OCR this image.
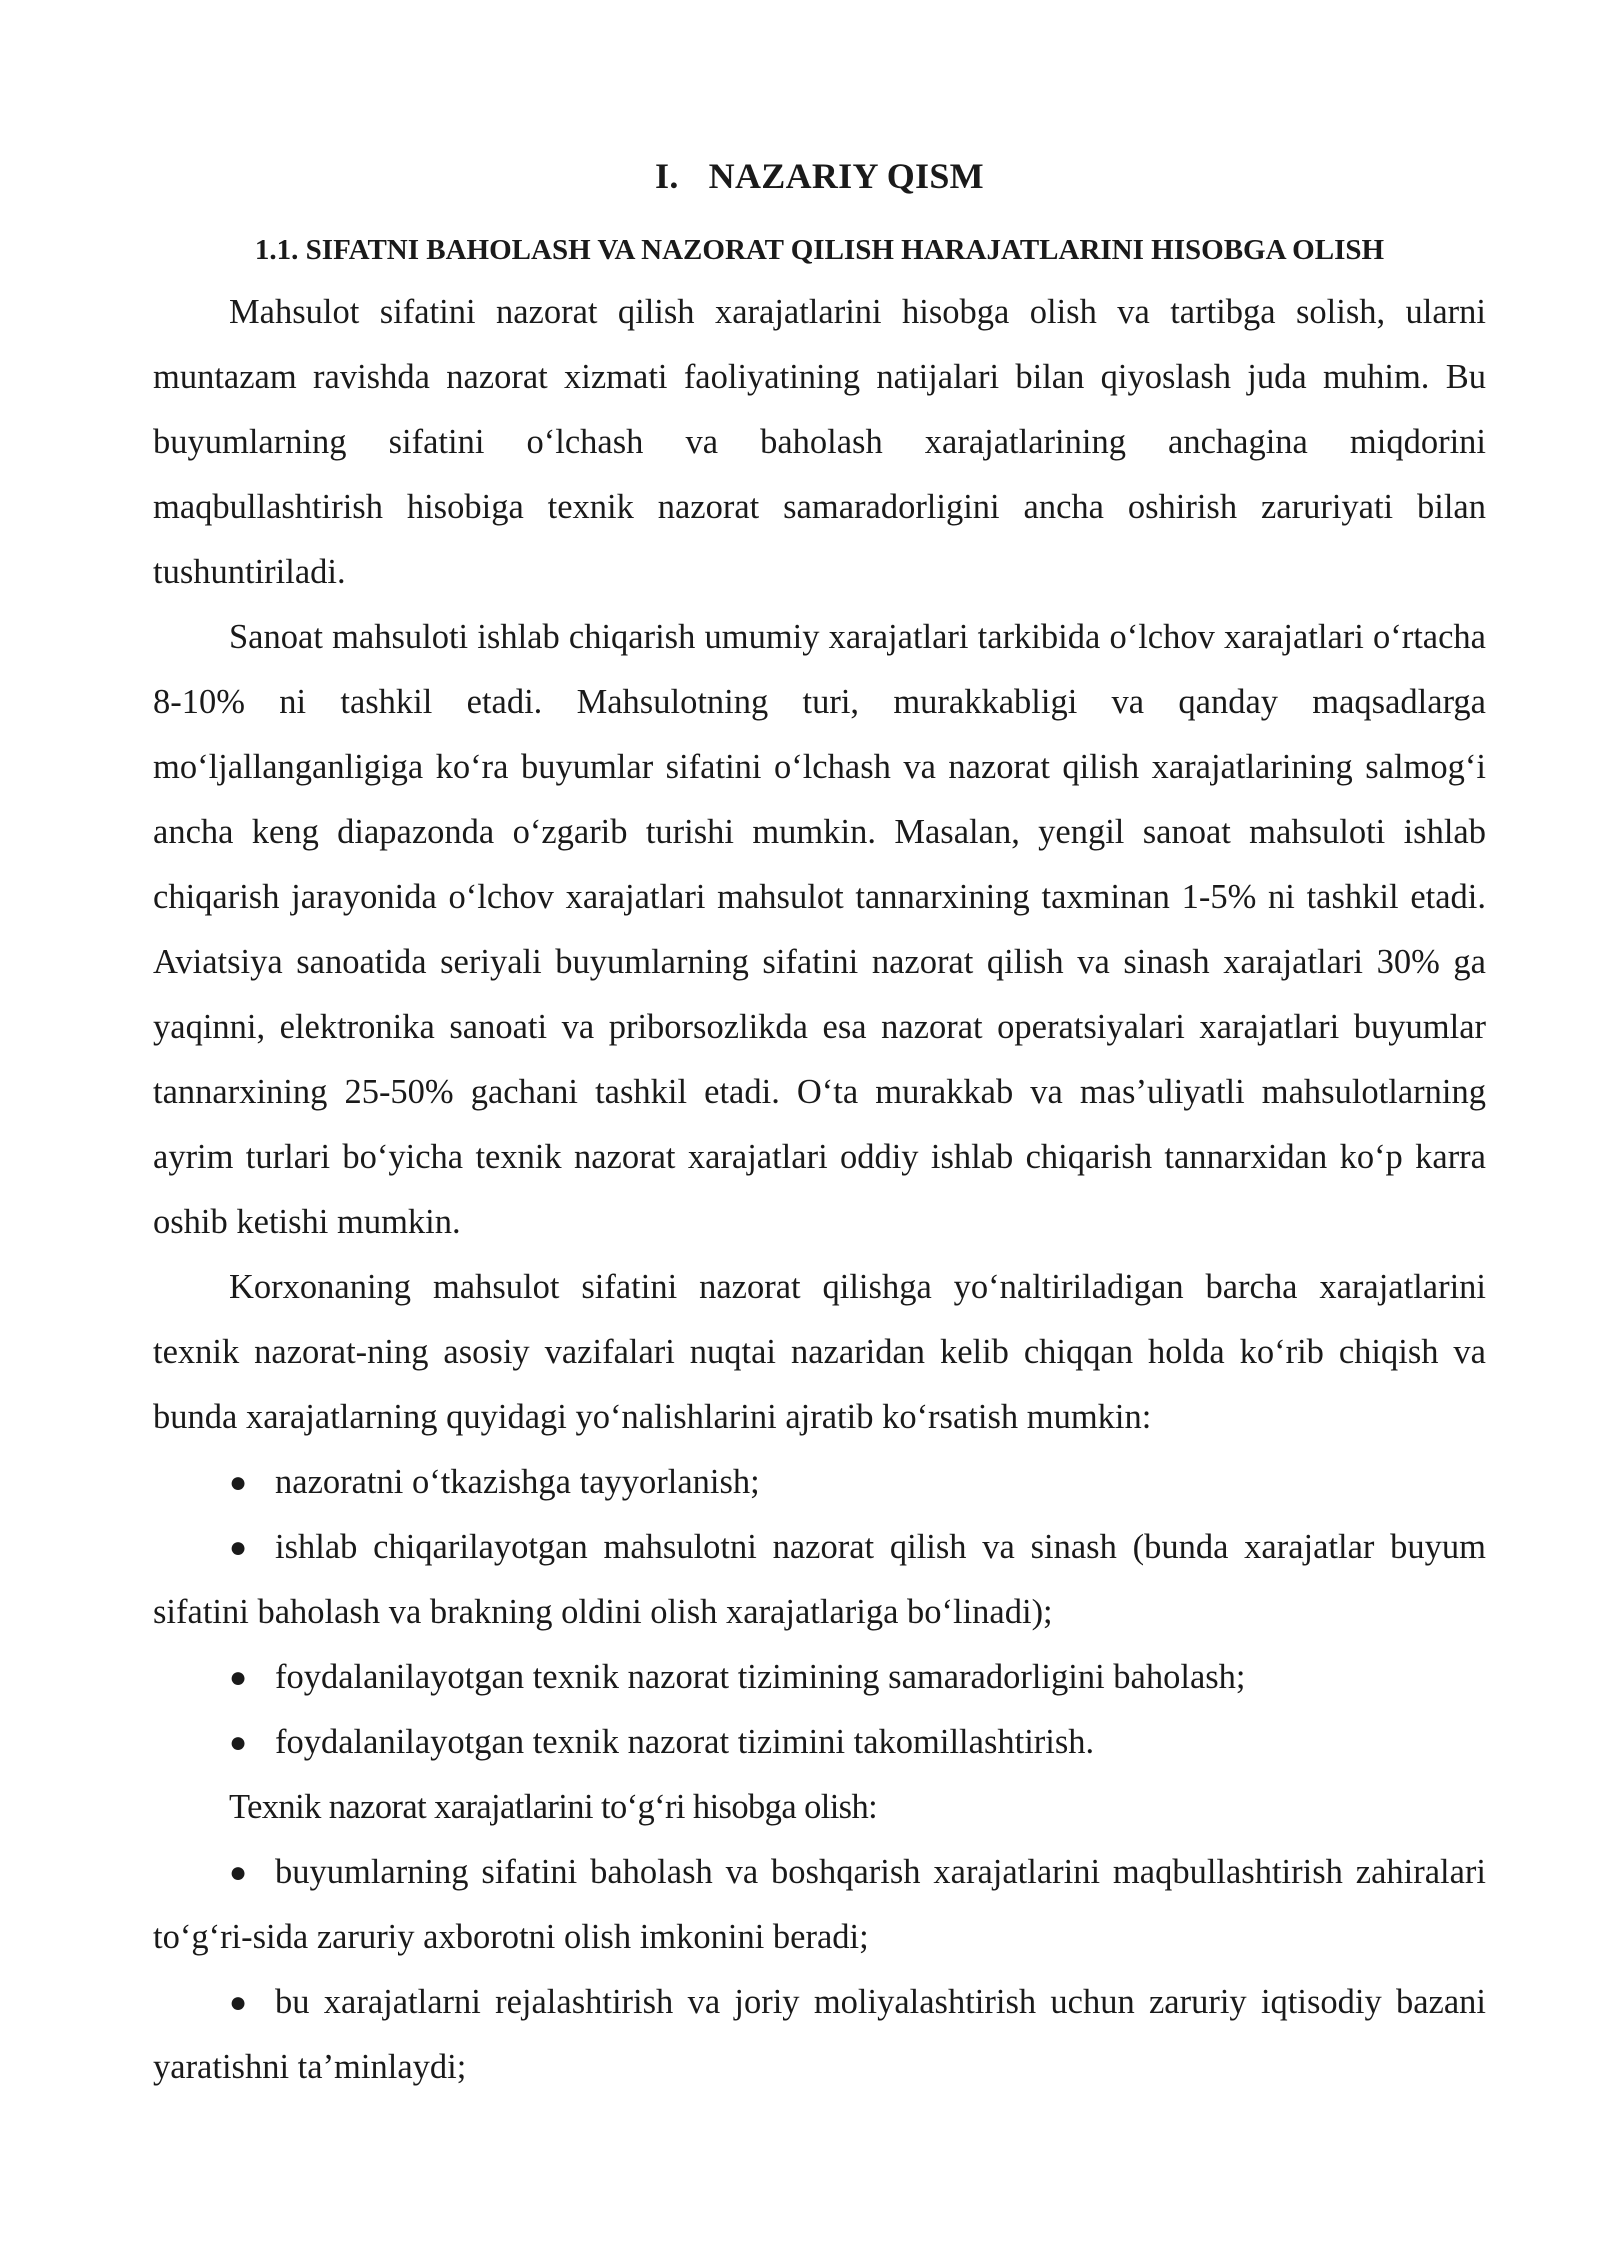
I. NAZARIY QISM
1.1. SIFATNI BAHOLASH VA NAZORAT QILISH HARAJATLARINI HISOBGA OLISH

Mahsulot sifatini nazorat qilish xarajatlarini hisobga olish va tartibga solish, ularni muntazam ravishda nazorat xizmati faoliyatining natijalari bilan qiyoslash juda muhim. Bu buyumlarning sifatini o‘lchash va baholash xarajatlarining anchagina miqdorini maqbullashtirish hisobiga texnik nazorat samaradorligini ancha oshirish zaruriyati bilan tushuntiriladi.

Sanoat mahsuloti ishlab chiqarish umumiy xarajatlari tarkibida o‘lchov xarajatlari o‘rtacha 8-10% ni tashkil etadi. Mahsulotning turi, murakkabligi va qanday maqsadlarga mo‘ljallanganligiga ko‘ra buyumlar sifatini o‘lchash va nazorat qilish xarajatlarining salmog‘i ancha keng diapazonda o‘zgarib turishi mumkin. Masalan, yengil sanoat mahsuloti ishlab chiqarish jarayonida o‘lchov xarajatlari mahsulot tannarxining taxminan 1-5% ni tashkil etadi. Aviatsiya sanoatida seriyali buyumlarning sifatini nazorat qilish va sinash xarajatlari 30% ga yaqinni, elektronika sanoati va priborsozlikda esa nazorat operatsiyalari xarajatlari buyumlar tannarxining 25-50% gachani tashkil etadi. O‘ta murakkab va mas’uliyatli mahsulotlarning ayrim turlari bo‘yicha texnik nazorat xarajatlari oddiy ishlab chiqarish tannarxidan ko‘p karra oshib ketishi mumkin.

Korxonaning mahsulot sifatini nazorat qilishga yo‘naltiriladigan barcha xarajatlarini texnik nazorat-ning asosiy vazifalari nuqtai nazaridan kelib chiqqan holda ko‘rib chiqish va bunda xarajatlarning quyidagi yo‘nalishlarini ajratib ko‘rsatish mumkin:

● nazoratni o‘tkazishga tayyorlanish;

● ishlab chiqarilayotgan mahsulotni nazorat qilish va sinash (bunda xarajatlar buyum sifatini baholash va brakning oldini olish xarajatlariga bo‘linadi);

● foydalanilayotgan texnik nazorat tizimining samaradorligini baholash;

● foydalanilayotgan texnik nazorat tizimini takomillashtirish.

Texnik nazorat xarajatlarini to‘g‘ri hisobga olish:

● buyumlarning sifatini baholash va boshqarish xarajatlarini maqbullashtirish zahiralari to‘g‘ri-sida zaruriy axborotni olish imkonini beradi;

● bu xarajatlarni rejalashtirish va joriy moliyalashtirish uchun zaruriy iqtisodiy bazani yaratishni ta’minlaydi;
